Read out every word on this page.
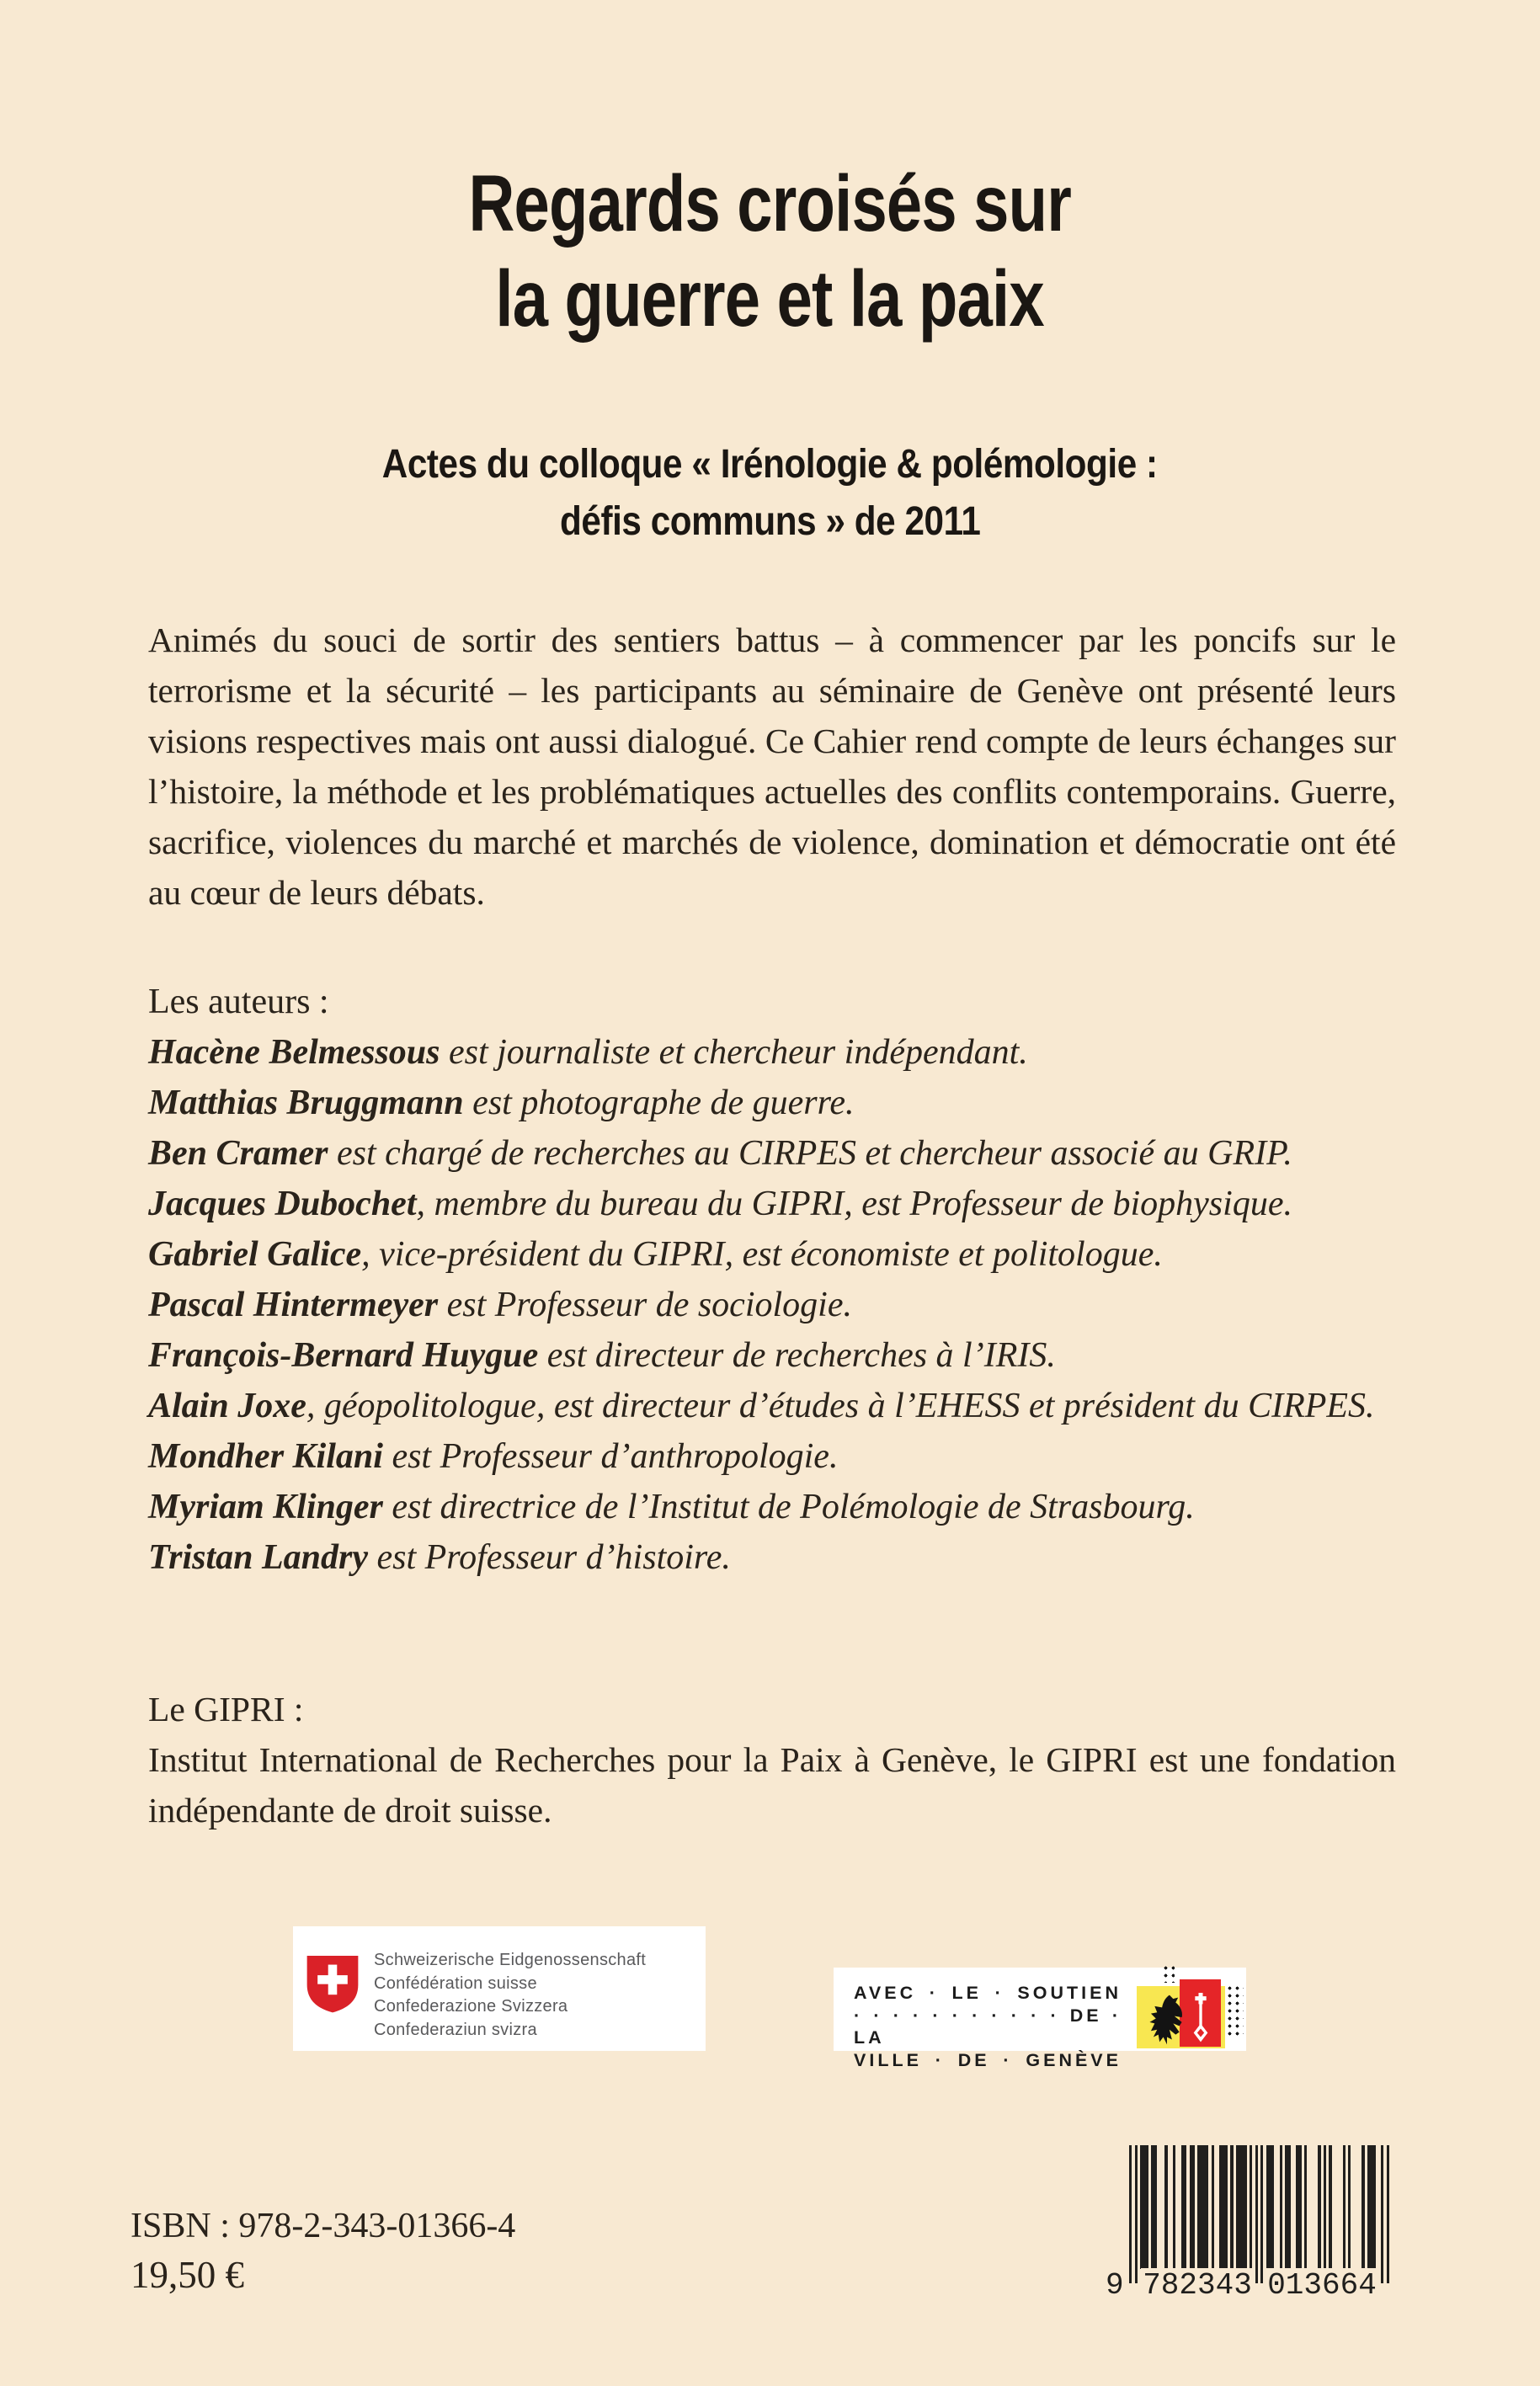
Regards croisés sur
la guerre et la paix
Actes du colloque « Irénologie & polémologie :
défis communs » de 2011

Animés du souci de sortir des sentiers battus – à commencer par les poncifs sur le terrorisme et la sécurité – les participants au séminaire de Genève ont présenté leurs visions respectives mais ont aussi dialogué. Ce Cahier rend compte de leurs échanges sur l’histoire, la méthode et les problématiques actuelles des conflits contemporains. Guerre, sacrifice, violences du marché et marchés de violence, domination et démocratie ont été au cœur de leurs débats.

Les auteurs :
Hacène Belmessous est journaliste et chercheur indépendant.
Matthias Bruggmann est photographe de guerre.
Ben Cramer est chargé de recherches au CIRPES et chercheur associé au GRIP.
Jacques Dubochet, membre du bureau du GIPRI, est Professeur de biophysique.
Gabriel Galice, vice-président du GIPRI, est économiste et politologue.
Pascal Hintermeyer est Professeur de sociologie.
François-Bernard Huygue est directeur de recherches à l’IRIS.
Alain Joxe, géopolitologue, est directeur d’études à l’EHESS et président du CIRPES.
Mondher Kilani est Professeur d’anthropologie.
Myriam Klinger est directrice de l’Institut de Polémologie de Strasbourg.
Tristan Landry est Professeur d’histoire.
Le GIPRI :
Institut International de Recherches pour la Paix à Genève, le GIPRI est une fondation indépendante de droit suisse.
Schweizerische Eidgenossenschaft
Confédération suisse
Confederazione Svizzera
Confederaziun svizra
AVEC · LE · SOUTIEN
· · · · · · · · · · · DE · LA
VILLE · DE · GENÈVE
ISBN : 978-2-343-01366-4
19,50 €	9 782343 013664
